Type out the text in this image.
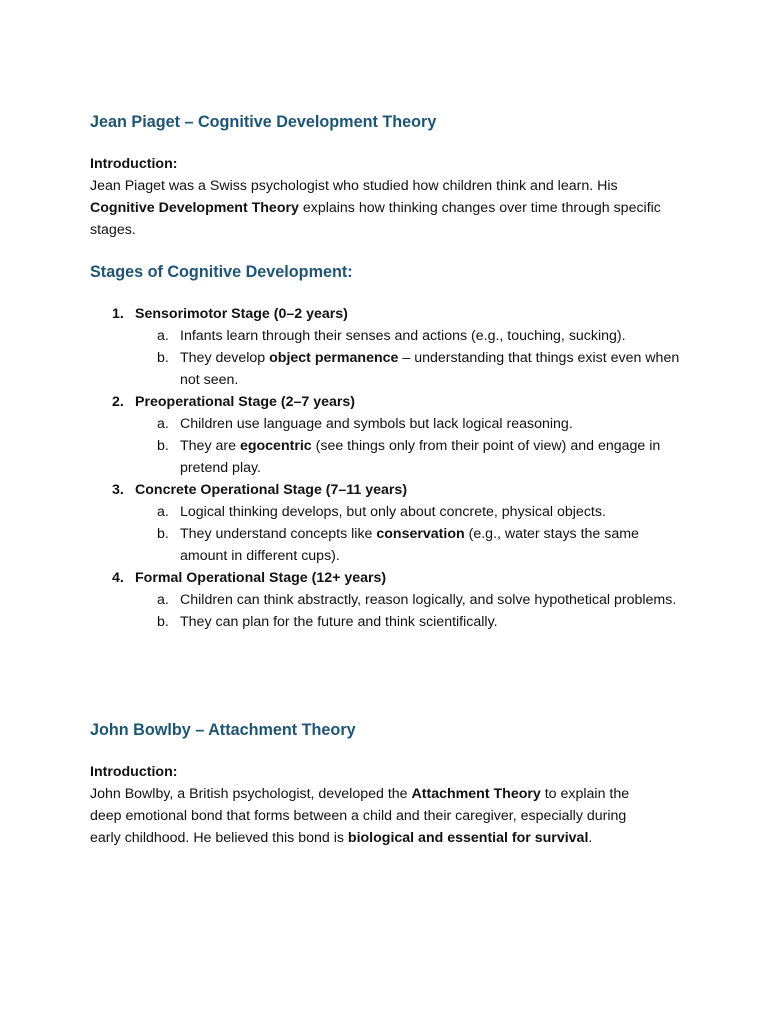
Jean Piaget – Cognitive Development Theory
Introduction:

Jean Piaget was a Swiss psychologist who studied how children think and learn. His Cognitive Development Theory explains how thinking changes over time through specific stages.

Stages of Cognitive Development:
1. Sensorimotor Stage (0–2 years)
a. Infants learn through their senses and actions (e.g., touching, sucking).
b. They develop object permanence – understanding that things exist even when not seen.
2. Preoperational Stage (2–7 years)
a. Children use language and symbols but lack logical reasoning.
b. They are egocentric (see things only from their point of view) and engage in pretend play.
3. Concrete Operational Stage (7–11 years)
a. Logical thinking develops, but only about concrete, physical objects.
b. They understand concepts like conservation (e.g., water stays the same amount in different cups).
4. Formal Operational Stage (12+ years)
a. Children can think abstractly, reason logically, and solve hypothetical problems.
b. They can plan for the future and think scientifically.
John Bowlby – Attachment Theory
Introduction:

John Bowlby, a British psychologist, developed the Attachment Theory to explain the deep emotional bond that forms between a child and their caregiver, especially during early childhood. He believed this bond is biological and essential for survival.
